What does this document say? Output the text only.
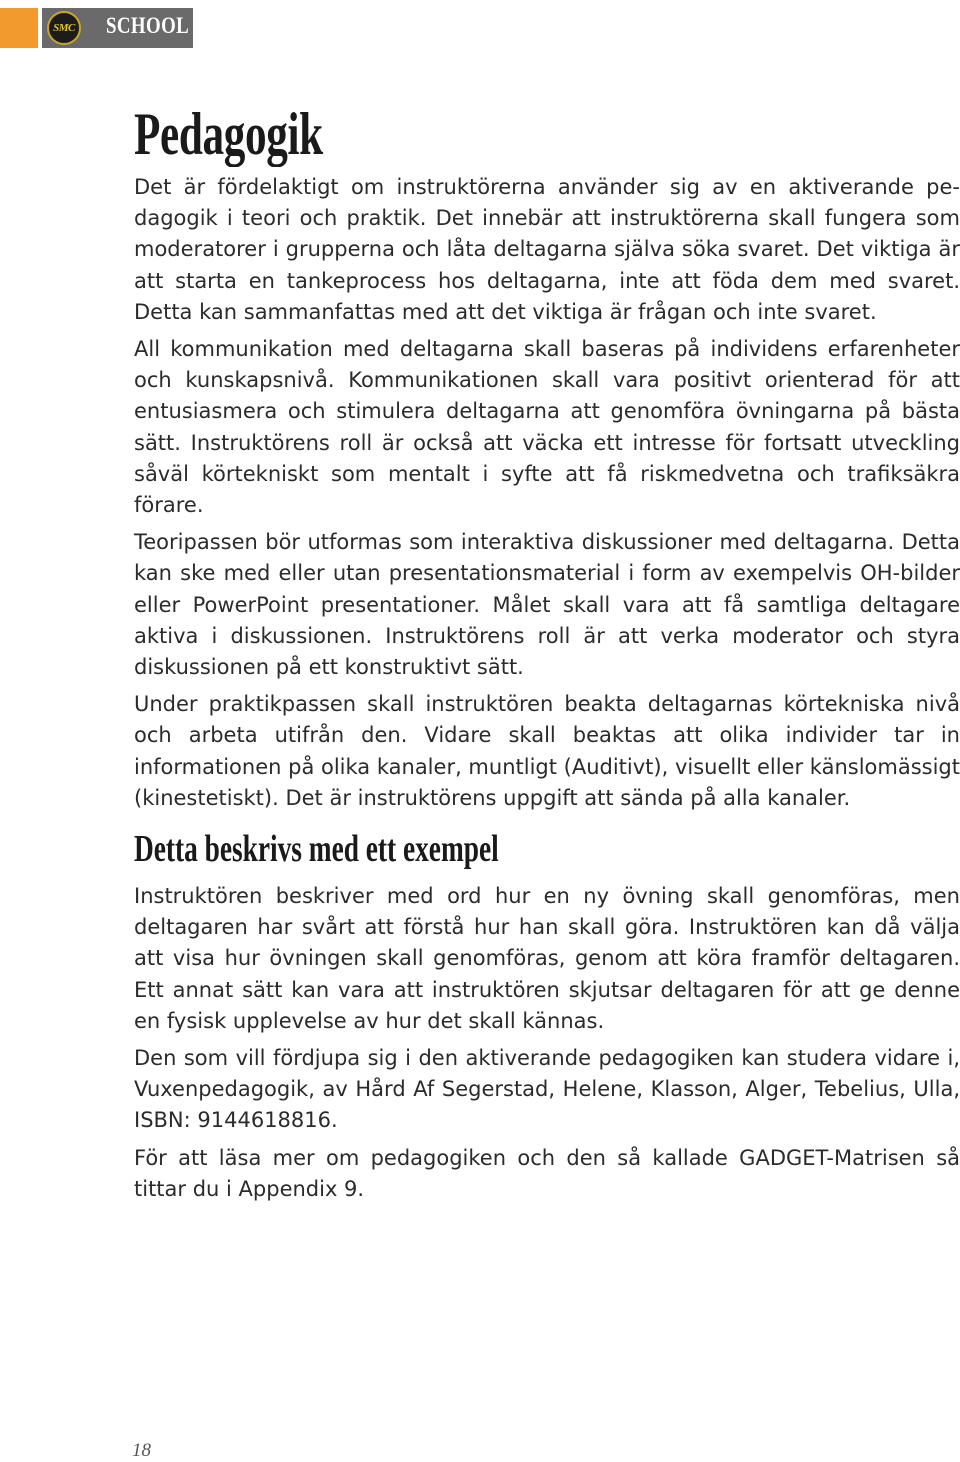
SMC SCHOOL
Pedagogik

Det är fördelaktigt om instruktörerna använder sig av en aktiverande pedagogik i teori och praktik. Det innebär att instruktörerna skall fungera som moderatorer i grupperna och låta deltagarna själva söka svaret. Det viktiga är att starta en tankeprocess hos deltagarna, inte att föda dem med svaret. Detta kan sammanfattas med att det viktiga är frågan och inte svaret.

All kommunikation med deltagarna skall baseras på individens erfarenheter och kunskapsnivå. Kommunikationen skall vara positivt orienterad för att entusiasmera och stimulera deltagarna att genomföra övningarna på bästa sätt. Instruktörens roll är också att väcka ett intresse för fortsatt utveckling såväl körtekniskt som mentalt i syfte att få riskmedvetna och trafiksäkra förare.

Teoripassen bör utformas som interaktiva diskussioner med deltagarna. Detta kan ske med eller utan presentationsmaterial i form av exempelvis OH-bilder eller PowerPoint presentationer. Målet skall vara att få samtliga deltagare aktiva i diskussionen. Instruktörens roll är att verka moderator och styra diskussionen på ett konstruktivt sätt.

Under praktikpassen skall instruktören beakta deltagarnas körtekniska nivå och arbeta utifrån den. Vidare skall beaktas att olika individer tar in informationen på olika kanaler, muntligt (Auditivt), visuellt eller känslomässigt (kinestetiskt). Det är instruktörens uppgift att sända på alla kanaler.

Detta beskrivs med ett exempel

Instruktören beskriver med ord hur en ny övning skall genomföras, men deltagaren har svårt att förstå hur han skall göra. Instruktören kan då välja att visa hur övningen skall genomföras, genom att köra framför deltagaren. Ett annat sätt kan vara att instruktören skjutsar deltagaren för att ge denne en fysisk upplevelse av hur det skall kännas.

Den som vill fördjupa sig i den aktiverande pedagogiken kan studera vidare i, Vuxenpedagogik, av Hård Af Segerstad, Helene, Klasson, Alger, Tebelius, Ulla, ISBN: 9144618816.

För att läsa mer om pedagogiken och den så kallade GADGET-Matrisen så tittar du i Appendix 9.

18
